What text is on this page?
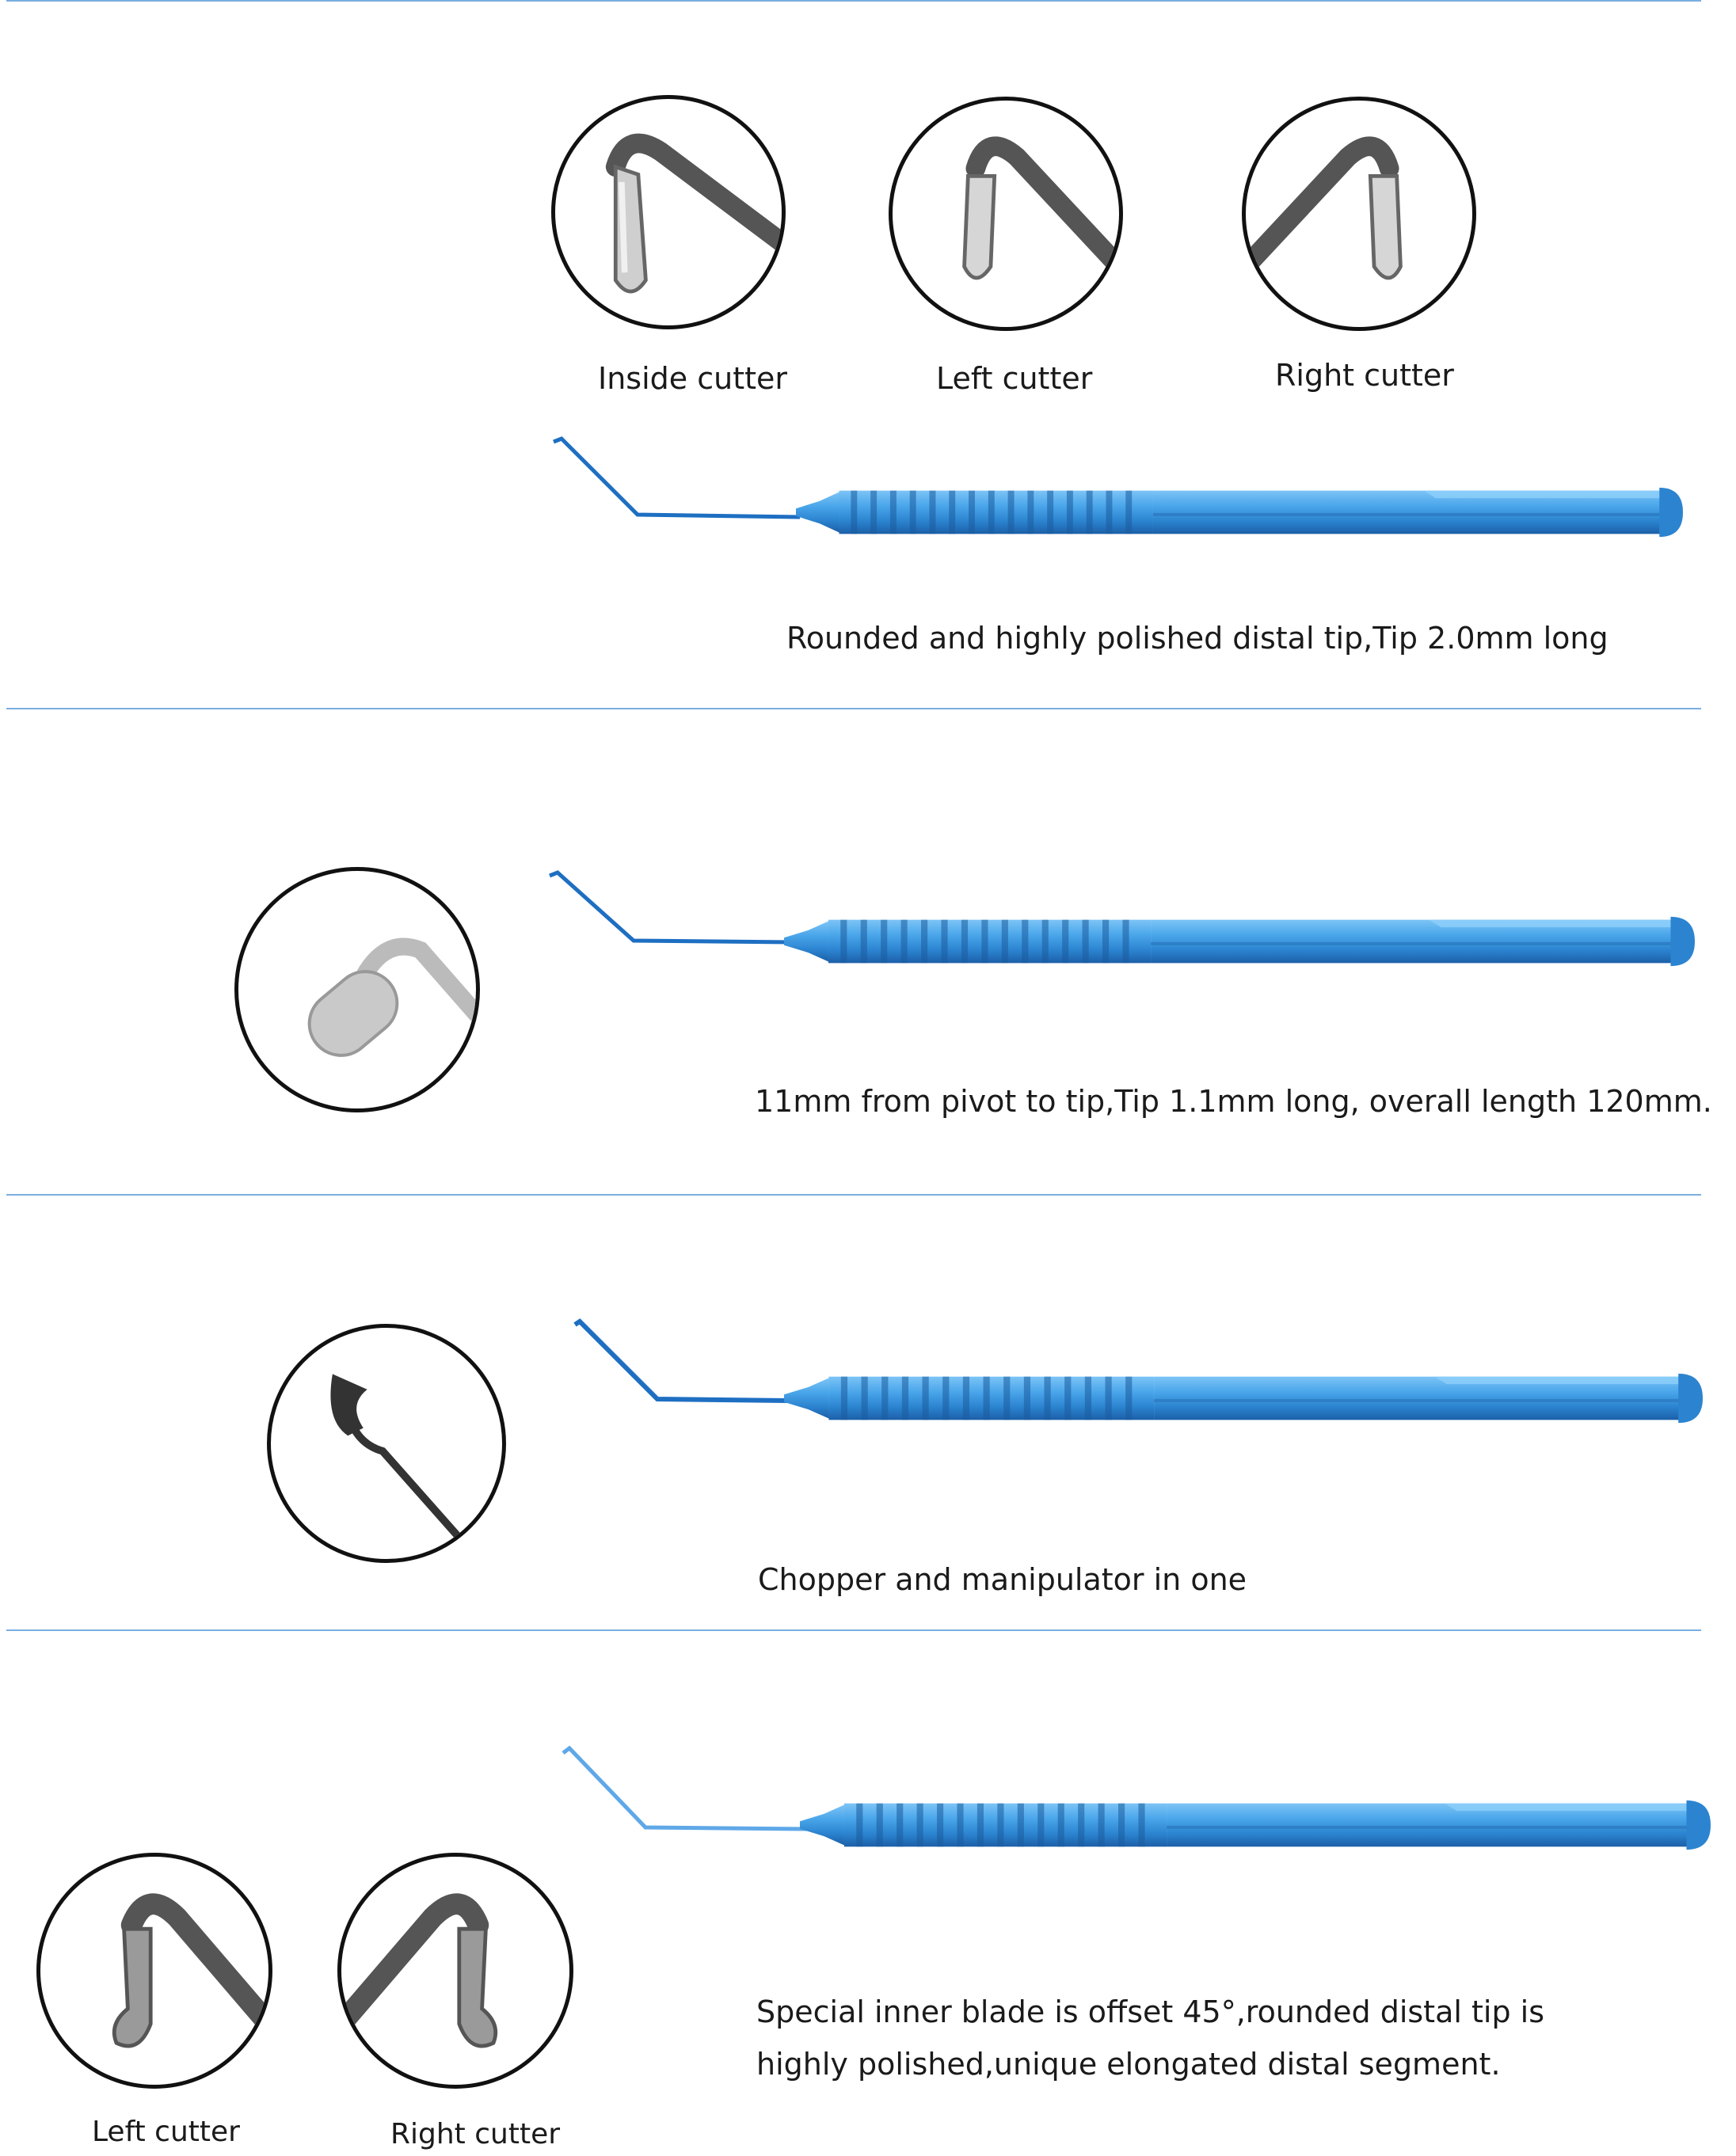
Inside cutter	Left cutter	Right cutter
Rounded and highly polished distal tip,Tip 2.0mm long
11mm from pivot to tip,Tip 1.1mm long, overall length 120mm.
Chopper and manipulator in one
Left cutter	Right cutter
Special inner blade is offset 45°,rounded distal tip is highly polished,unique elongated distal segment.
